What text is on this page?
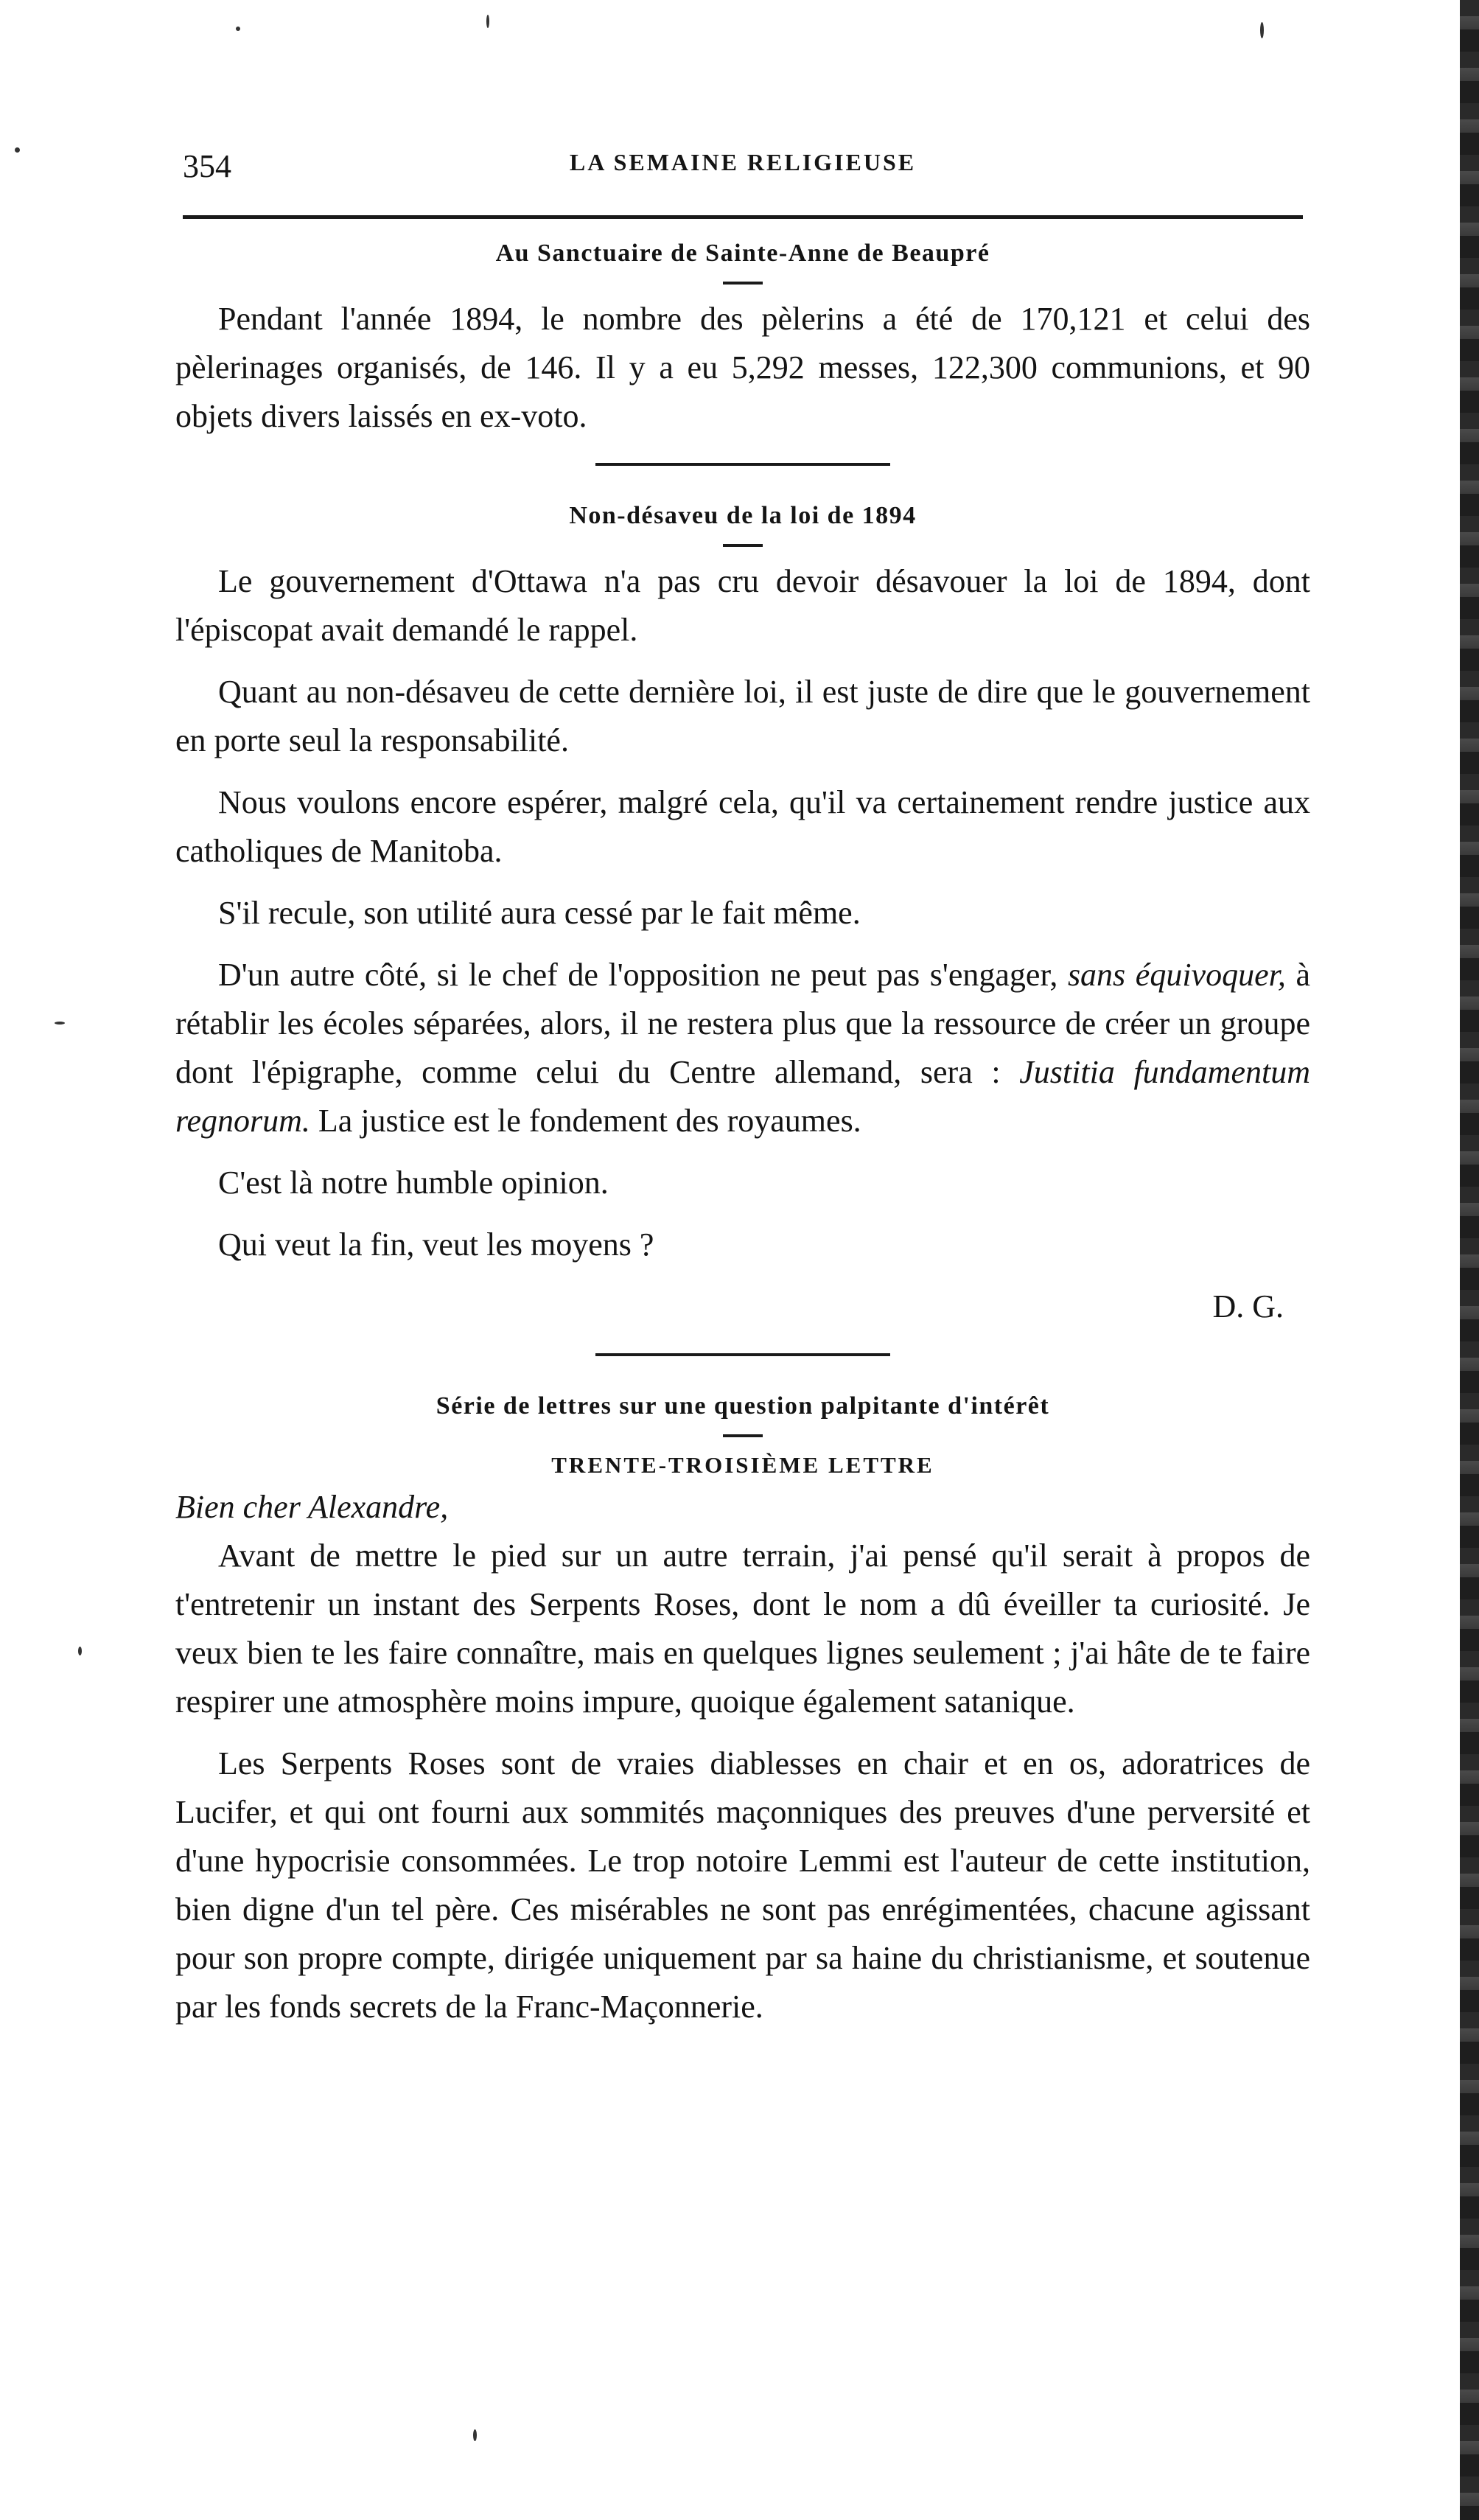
354	LA SEMAINE RELIGIEUSE
Au Sanctuaire de Sainte-Anne de Beaupré

Pendant l'année 1894, le nombre des pèlerins a été de 170,121 et celui des pèlerinages organisés, de 146. Il y a eu 5,292 messes, 122,300 communions, et 90 objets divers laissés en ex-voto.

Non-désaveu de la loi de 1894

Le gouvernement d'Ottawa n'a pas cru devoir désavouer la loi de 1894, dont l'épiscopat avait demandé le rappel.

Quant au non-désaveu de cette dernière loi, il est juste de dire que le gouvernement en porte seul la responsabilité.

Nous voulons encore espérer, malgré cela, qu'il va certainement rendre justice aux catholiques de Manitoba.

S'il recule, son utilité aura cessé par le fait même.

D'un autre côté, si le chef de l'opposition ne peut pas s'engager, sans équivoquer, à rétablir les écoles séparées, alors, il ne restera plus que la ressource de créer un groupe dont l'épigraphe, comme celui du Centre allemand, sera : Justitia fundamentum regnorum. La justice est le fondement des royaumes.

C'est là notre humble opinion.

Qui veut la fin, veut les moyens ?

D. G.

Série de lettres sur une question palpitante d'intérêt
TRENTE-TROISIÈME LETTRE

Bien cher Alexandre,

Avant de mettre le pied sur un autre terrain, j'ai pensé qu'il serait à propos de t'entretenir un instant des Serpents Roses, dont le nom a dû éveiller ta curiosité. Je veux bien te les faire connaître, mais en quelques lignes seulement ; j'ai hâte de te faire respirer une atmosphère moins impure, quoique également satanique.

Les Serpents Roses sont de vraies diablesses en chair et en os, adoratrices de Lucifer, et qui ont fourni aux sommités maçonniques des preuves d'une perversité et d'une hypocrisie consommées. Le trop notoire Lemmi est l'auteur de cette institution, bien digne d'un tel père. Ces misérables ne sont pas enrégimentées, chacune agissant pour son propre compte, dirigée uniquement par sa haine du christianisme, et soutenue par les fonds secrets de la Franc-Maçonnerie.
